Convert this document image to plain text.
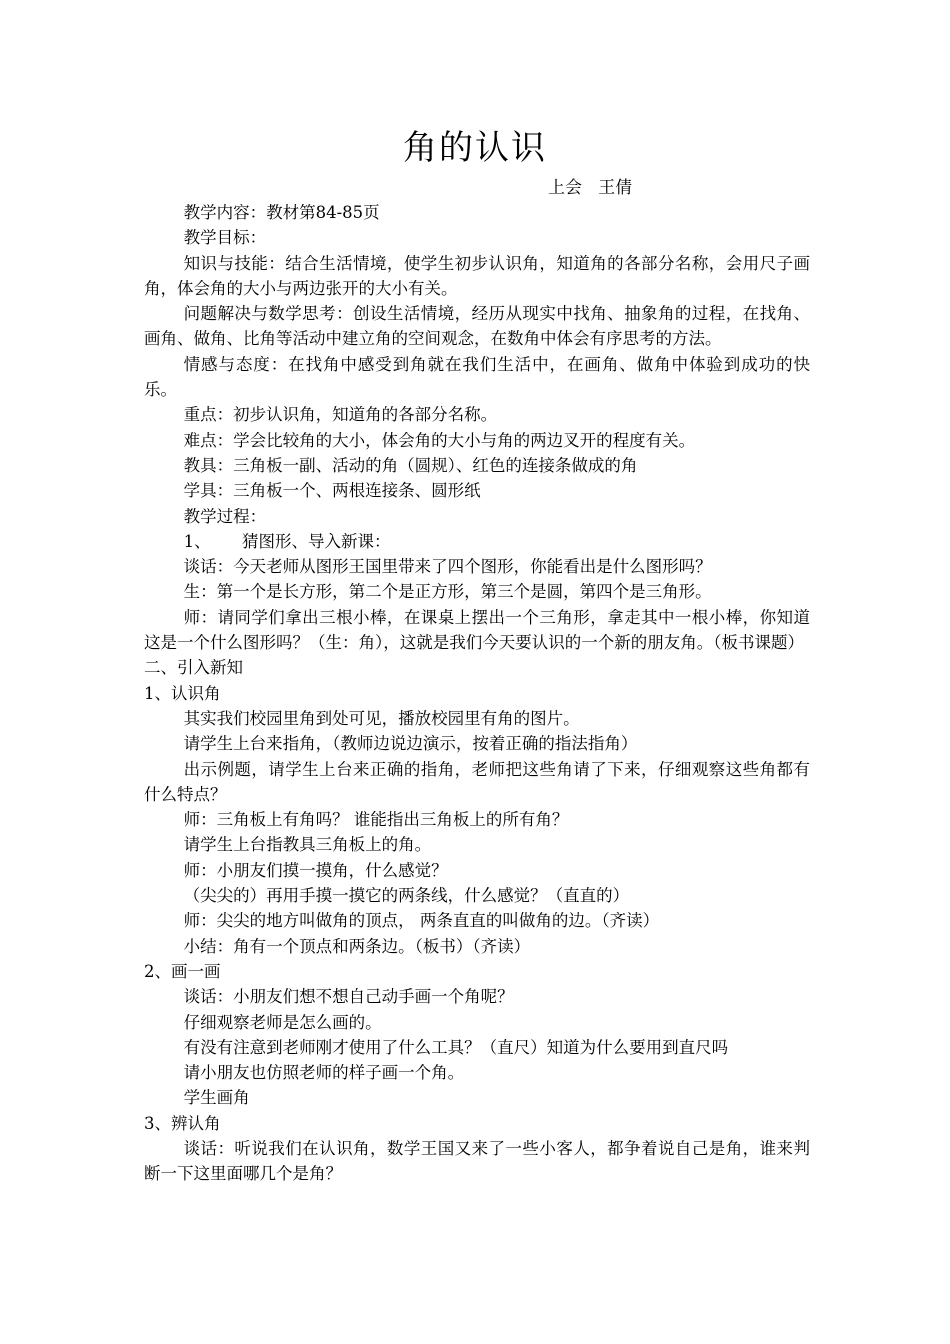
角的认识
上会   王倩

教学内容：教材第84-85页

教学目标：

知识与技能：结合生活情境，使学生初步认识角，知道角的各部分名称，会用尺子画角，体会角的大小与两边张开的大小有关。

问题解决与数学思考：创设生活情境，经历从现实中找角、抽象角的过程，在找角、画角、做角、比角等活动中建立角的空间观念，在数角中体会有序思考的方法。

情感与态度：在找角中感受到角就在我们生活中，在画角、做角中体验到成功的快乐。

重点：初步认识角，知道角的各部分名称。

难点：学会比较角的大小，体会角的大小与角的两边叉开的程度有关。

教具：三角板一副、活动的角（圆规）、红色的连接条做成的角

学具：三角板一个、两根连接条、圆形纸

教学过程：

1、      猜图形、导入新课：

谈话：今天老师从图形王国里带来了四个图形，你能看出是什么图形吗？

生：第一个是长方形，第二个是正方形，第三个是圆，第四个是三角形。

师：请同学们拿出三根小棒，在课桌上摆出一个三角形，拿走其中一根小棒，你知道这是一个什么图形吗？（生：角），这就是我们今天要认识的一个新的朋友角。（板书课题）

二、引入新知

1、认识角

其实我们校园里角到处可见，播放校园里有角的图片。

请学生上台来指角，（教师边说边演示，按着正确的指法指角）

出示例题，请学生上台来正确的指角，老师把这些角请了下来，仔细观察这些角都有什么特点？

师：三角板上有角吗？ 谁能指出三角板上的所有角？

请学生上台指教具三角板上的角。

师：小朋友们摸一摸角，什么感觉？

（尖尖的）再用手摸一摸它的两条线，什么感觉？（直直的）

师：尖尖的地方叫做角的顶点， 两条直直的叫做角的边。（齐读）

小结：角有一个顶点和两条边。（板书）（齐读）

2、画一画

谈话：小朋友们想不想自己动手画一个角呢？

仔细观察老师是怎么画的。

有没有注意到老师刚才使用了什么工具？（直尺）知道为什么要用到直尺吗

请小朋友也仿照老师的样子画一个角。

学生画角

3、辨认角

谈话：听说我们在认识角，数学王国又来了一些小客人，都争着说自己是角，谁来判断一下这里面哪几个是角？
